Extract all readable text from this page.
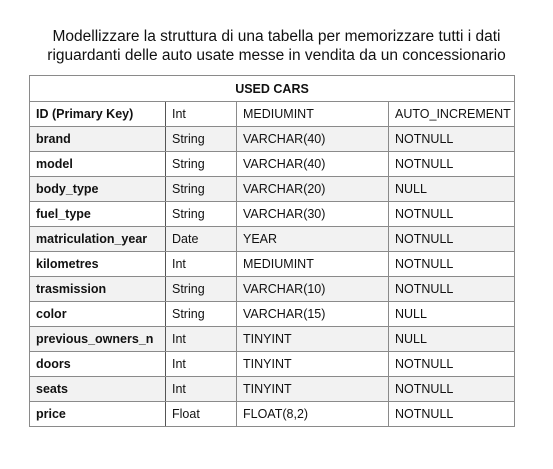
Modellizzare la struttura di una tabella per memorizzare tutti i dati
riguardanti delle auto usate messe in vendita da un concessionario
USED CARS			
ID (Primary Key)	Int	MEDIUMINT	AUTO_INCREMENT
brand	String	VARCHAR(40)	NOTNULL
model	String	VARCHAR(40)	NOTNULL
body_type	String	VARCHAR(20)	NULL
fuel_type	String	VARCHAR(30)	NOTNULL
matriculation_year	Date	YEAR	NOTNULL
kilometres	Int	MEDIUMINT	NOTNULL
trasmission	String	VARCHAR(10)	NOTNULL
color	String	VARCHAR(15)	NULL
previous_owners_n	Int	TINYINT	NULL
doors	Int	TINYINT	NOTNULL
seats	Int	TINYINT	NOTNULL
price	Float	FLOAT(8,2)	NOTNULL
